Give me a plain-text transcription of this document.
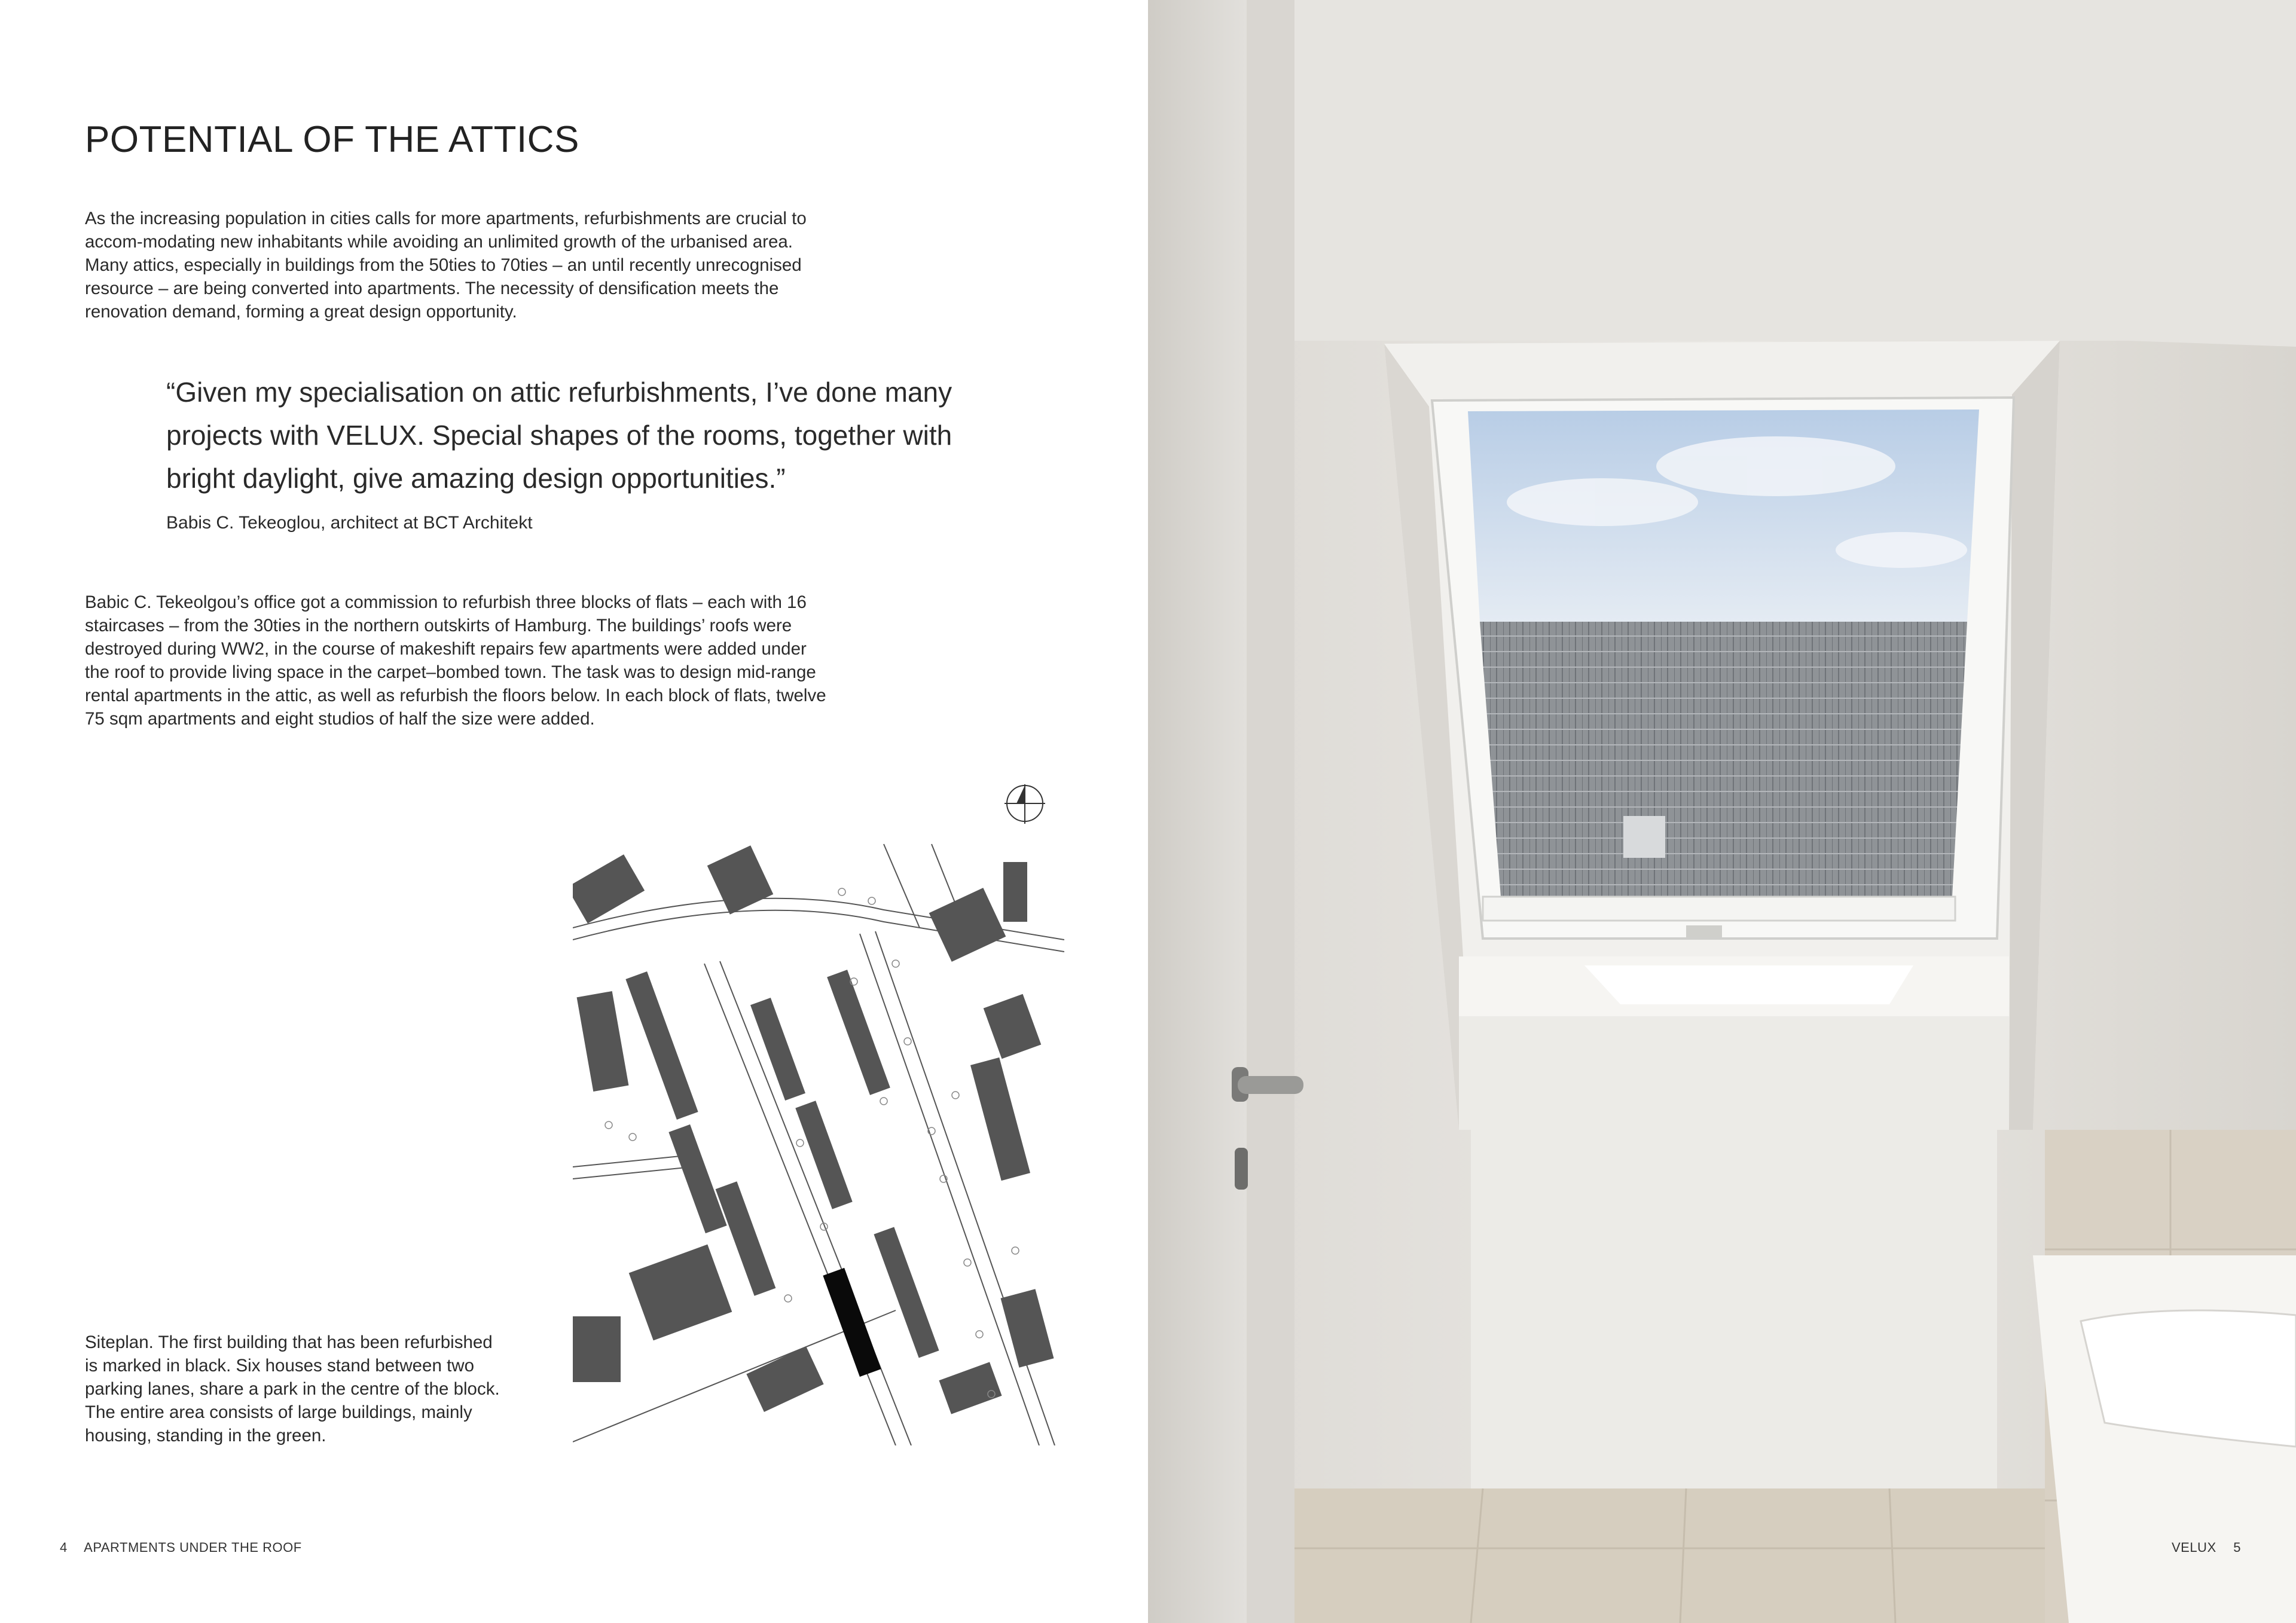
POTENTIAL OF THE ATTICS

As the increasing population in cities calls for more apartments, refurbishments are crucial to accom-modating new inhabitants while avoiding an unlimited growth of the urbanised area. Many attics, especially in buildings from the 50ties to 70ties – an until recently unrecognised resource – are being converted into apartments. The necessity of densification meets the renovation demand, forming a great design opportunity.

“Given my specialisation on attic refurbishments, I’ve done many projects with VELUX. Special shapes of the rooms, together with bright daylight, give amazing design opportunities.”

Babis C. Tekeoglou, architect at BCT Architekt

Babic C. Tekeolgou’s office got a commission to refurbish three blocks of flats – each with 16 staircases – from the 30ties in the northern outskirts of Hamburg. The buildings’ roofs were destroyed during WW2, in the course of makeshift repairs few apartments were added under the roof to provide living space in the carpet–bombed town. The task was to design mid-range rental apartments in the attic, as well as refurbish the floors below. In each block of flats, twelve 75 sqm apartments and eight studios of half the size were added.

Siteplan. The first building that has been refurbished is marked in black. Six houses stand between two parking lanes, share a park in the centre of the block. The entire area consists of large buildings, mainly housing, standing in the green.

4 APARTMENTS UNDER THE ROOF	VELUX 5
